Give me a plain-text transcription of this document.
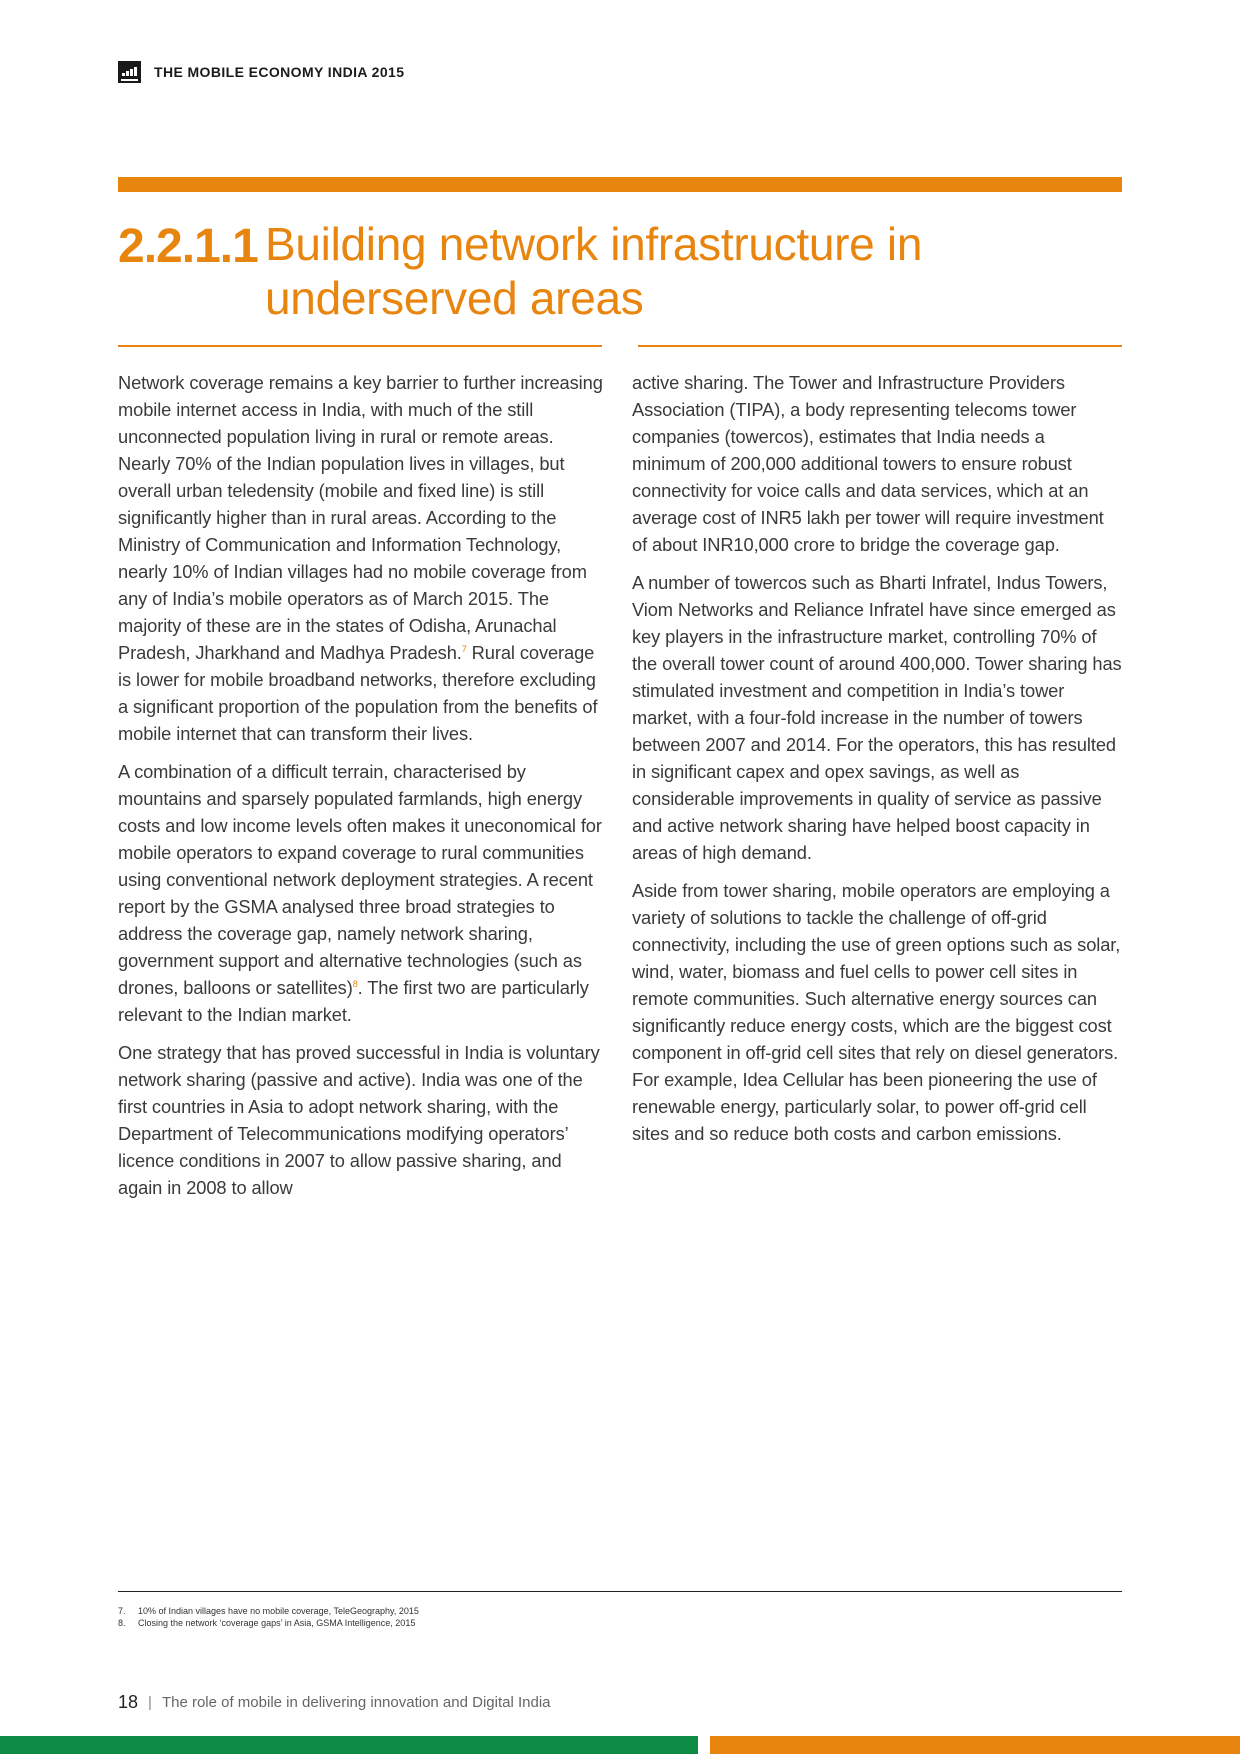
THE MOBILE ECONOMY INDIA 2015
2.2.1.1 Building network infrastructure in
underserved areas

Network coverage remains a key barrier to further increasing mobile internet access in India, with much of the still unconnected population living in rural or remote areas. Nearly 70% of the Indian population lives in villages, but overall urban teledensity (mobile and fixed line) is still significantly higher than in rural areas. According to the Ministry of Communication and Information Technology, nearly 10% of Indian villages had no mobile coverage from any of India’s mobile operators as of March 2015. The majority of these are in the states of Odisha, Arunachal Pradesh, Jharkhand and Madhya Pradesh.$^7$ Rural coverage is lower for mobile broadband networks, therefore excluding a significant proportion of the population from the benefits of mobile internet that can transform their lives.

A combination of a difficult terrain, characterised by mountains and sparsely populated farmlands, high energy costs and low income levels often makes it uneconomical for mobile operators to expand coverage to rural communities using conventional network deployment strategies. A recent report by the GSMA analysed three broad strategies to address the coverage gap, namely network sharing, government support and alternative technologies (such as drones, balloons or satellites)$^8$. The first two are particularly relevant to the Indian market.

One strategy that has proved successful in India is voluntary network sharing (passive and active). India was one of the first countries in Asia to adopt network sharing, with the Department of Telecommunications modifying operators’ licence conditions in 2007 to allow passive sharing, and again in 2008 to allow

active sharing. The Tower and Infrastructure Providers Association (TIPA), a body representing telecoms tower companies (towercos), estimates that India needs a minimum of 200,000 additional towers to ensure robust connectivity for voice calls and data services, which at an average cost of INR5 lakh per tower will require investment of about INR10,000 crore to bridge the coverage gap.

A number of towercos such as Bharti Infratel, Indus Towers, Viom Networks and Reliance Infratel have since emerged as key players in the infrastructure market, controlling 70% of the overall tower count of around 400,000. Tower sharing has stimulated investment and competition in India’s tower market, with a four-fold increase in the number of towers between 2007 and 2014. For the operators, this has resulted in significant capex and opex savings, as well as considerable improvements in quality of service as passive and active network sharing have helped boost capacity in areas of high demand.

Aside from tower sharing, mobile operators are employing a variety of solutions to tackle the challenge of off-grid connectivity, including the use of green options such as solar, wind, water, biomass and fuel cells to power cell sites in remote communities. Such alternative energy sources can significantly reduce energy costs, which are the biggest cost component in off-grid cell sites that rely on diesel generators. For example, Idea Cellular has been pioneering the use of renewable energy, particularly solar, to power off-grid cell sites and so reduce both costs and carbon emissions.

7. 10% of Indian villages have no mobile coverage, TeleGeography, 2015
8. Closing the network ‘coverage gaps’ in Asia, GSMA Intelligence, 2015
18 | The role of mobile in delivering innovation and Digital India
